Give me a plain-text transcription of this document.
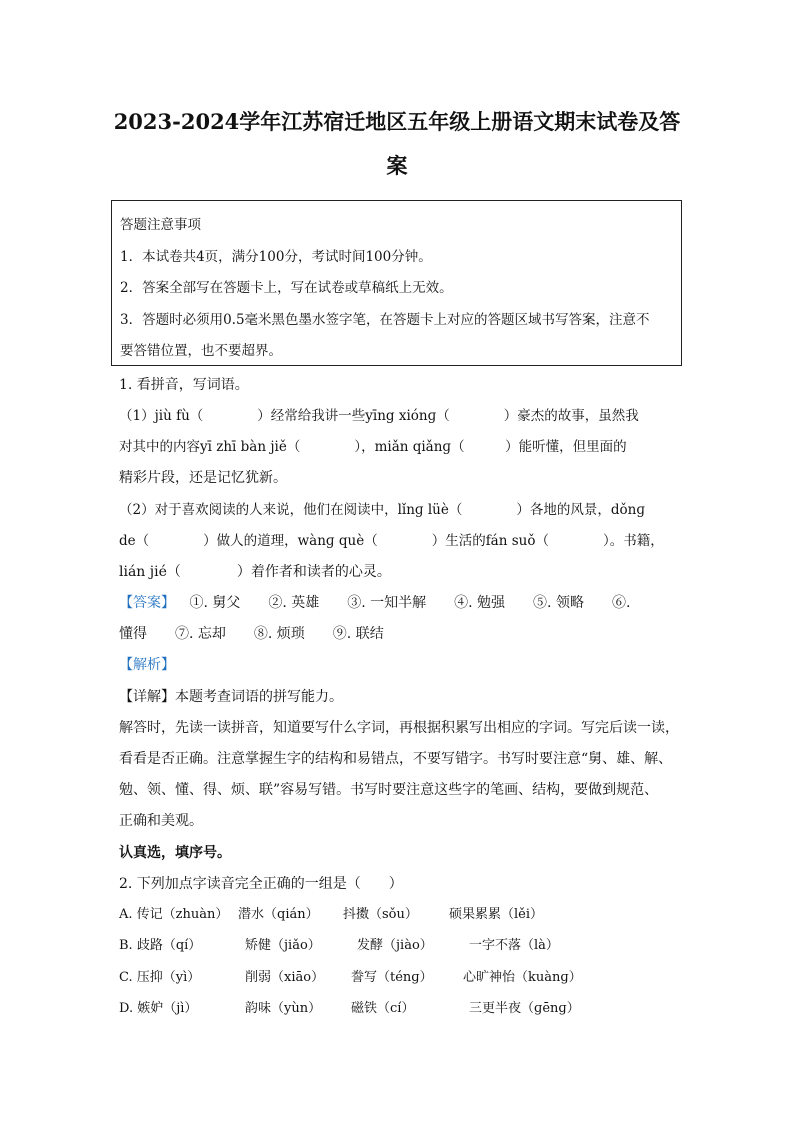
2023-2024学年江苏宿迁地区五年级上册语文期末试卷及答
案
答题注意事项
1．本试卷共4页，满分100分，考试时间100分钟。
2．答案全部写在答题卡上，写在试卷或草稿纸上无效。
3．答题时必须用0.5毫米黑色墨水签字笔，在答题卡上对应的答题区域书写答案，注意不
要答错位置，也不要超界。
1. 看拼音，写词语。
（1）jiù fù（　　　　）经常给我讲一些yīng xiónɡ（　　　　）豪杰的故事，虽然我
对其中的内容yī zhī bàn jiě（　　　　），miǎn qiǎnɡ（　　　）能听懂，但里面的
精彩片段，还是记忆犹新。
（2）对于喜欢阅读的人来说，他们在阅读中，lǐnɡ lüè（　　　　）各地的风景，dǒnɡ
de（　　　　）做人的道理，wànɡ què（　　　　）生活的fán suǒ（　　　　）。书籍，
lián jié（　　　　）着作者和读者的心灵。
【答案】 ①. 舅父　　②. 英雄　　③. 一知半解　　④. 勉强　　⑤. 领略　　⑥.
懂得　　⑦. 忘却　　⑧. 烦琐　　⑨. 联结
【解析】
【详解】本题考查词语的拼写能力。
解答时，先读一读拼音，知道要写什么字词，再根据积累写出相应的字词。写完后读一读，
看看是否正确。注意掌握生字的结构和易错点，不要写错字。书写时要注意“舅、雄、解、
勉、领、懂、得、烦、联”容易写错。书写时要注意这些字的笔画、结构，要做到规范、
正确和美观。
认真选，填序号。
2. 下列加点字读音完全正确的一组是（　　）
A. 传记（zhuàn） 潜水（qián） 抖擞（sǒu） 硕果累累（lěi）
B. 歧路（qí）	矫健（jiǎo）	发酵（jiào）	一字不落（là）
C. 压抑（yì）	削弱（xiāo） 誊写（ténɡ） 心旷神怡（kuànɡ）
D. 嫉妒（jì）	韵味（yùn） 磁铁（cí）	三更半夜（ɡēnɡ）
